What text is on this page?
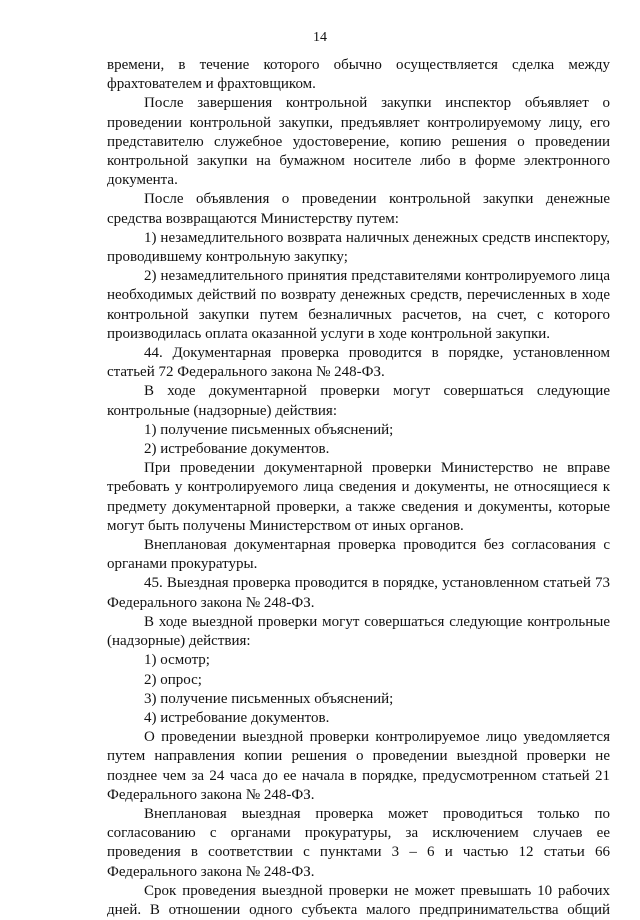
14

времени, в течение которого обычно осуществляется сделка между фрахтователем и фрахтовщиком.

После завершения контрольной закупки инспектор объявляет о проведении контрольной закупки, предъявляет контролируемому лицу, его представителю служебное удостоверение, копию решения о проведении контрольной закупки на бумажном носителе либо в форме электронного документа.

После объявления о проведении контрольной закупки денежные средства возвращаются Министерству путем:

1) незамедлительного возврата наличных денежных средств инспектору, проводившему контрольную закупку;

2) незамедлительного принятия представителями контролируемого лица необходимых действий по возврату денежных средств, перечисленных в ходе контрольной закупки путем безналичных расчетов, на счет, с которого производилась оплата оказанной услуги в ходе контрольной закупки.

44. Документарная проверка проводится в порядке, установленном статьей 72 Федерального закона № 248-ФЗ.

В ходе документарной проверки могут совершаться следующие контрольные (надзорные) действия:

1) получение письменных объяснений;

2) истребование документов.

При проведении документарной проверки Министерство не вправе требовать у контролируемого лица сведения и документы, не относящиеся к предмету документарной проверки, а также сведения и документы, которые могут быть получены Министерством от иных органов.

Внеплановая документарная проверка проводится без согласования с органами прокуратуры.

45. Выездная проверка проводится в порядке, установленном статьей 73 Федерального закона № 248-ФЗ.

В ходе выездной проверки могут совершаться следующие контрольные (надзорные) действия:

1) осмотр;

2) опрос;

3) получение письменных объяснений;

4) истребование документов.

О проведении выездной проверки контролируемое лицо уведомляется путем направления копии решения о проведении выездной проверки не позднее чем за 24 часа до ее начала в порядке, предусмотренном статьей 21 Федерального закона № 248-ФЗ.

Внеплановая выездная проверка может проводиться только по согласованию с органами прокуратуры, за исключением случаев ее проведения в соответствии с пунктами 3 – 6 и частью 12 статьи 66 Федерального закона № 248-ФЗ.

Срок проведения выездной проверки не может превышать 10 рабочих дней. В отношении одного субъекта малого предпринимательства общий
